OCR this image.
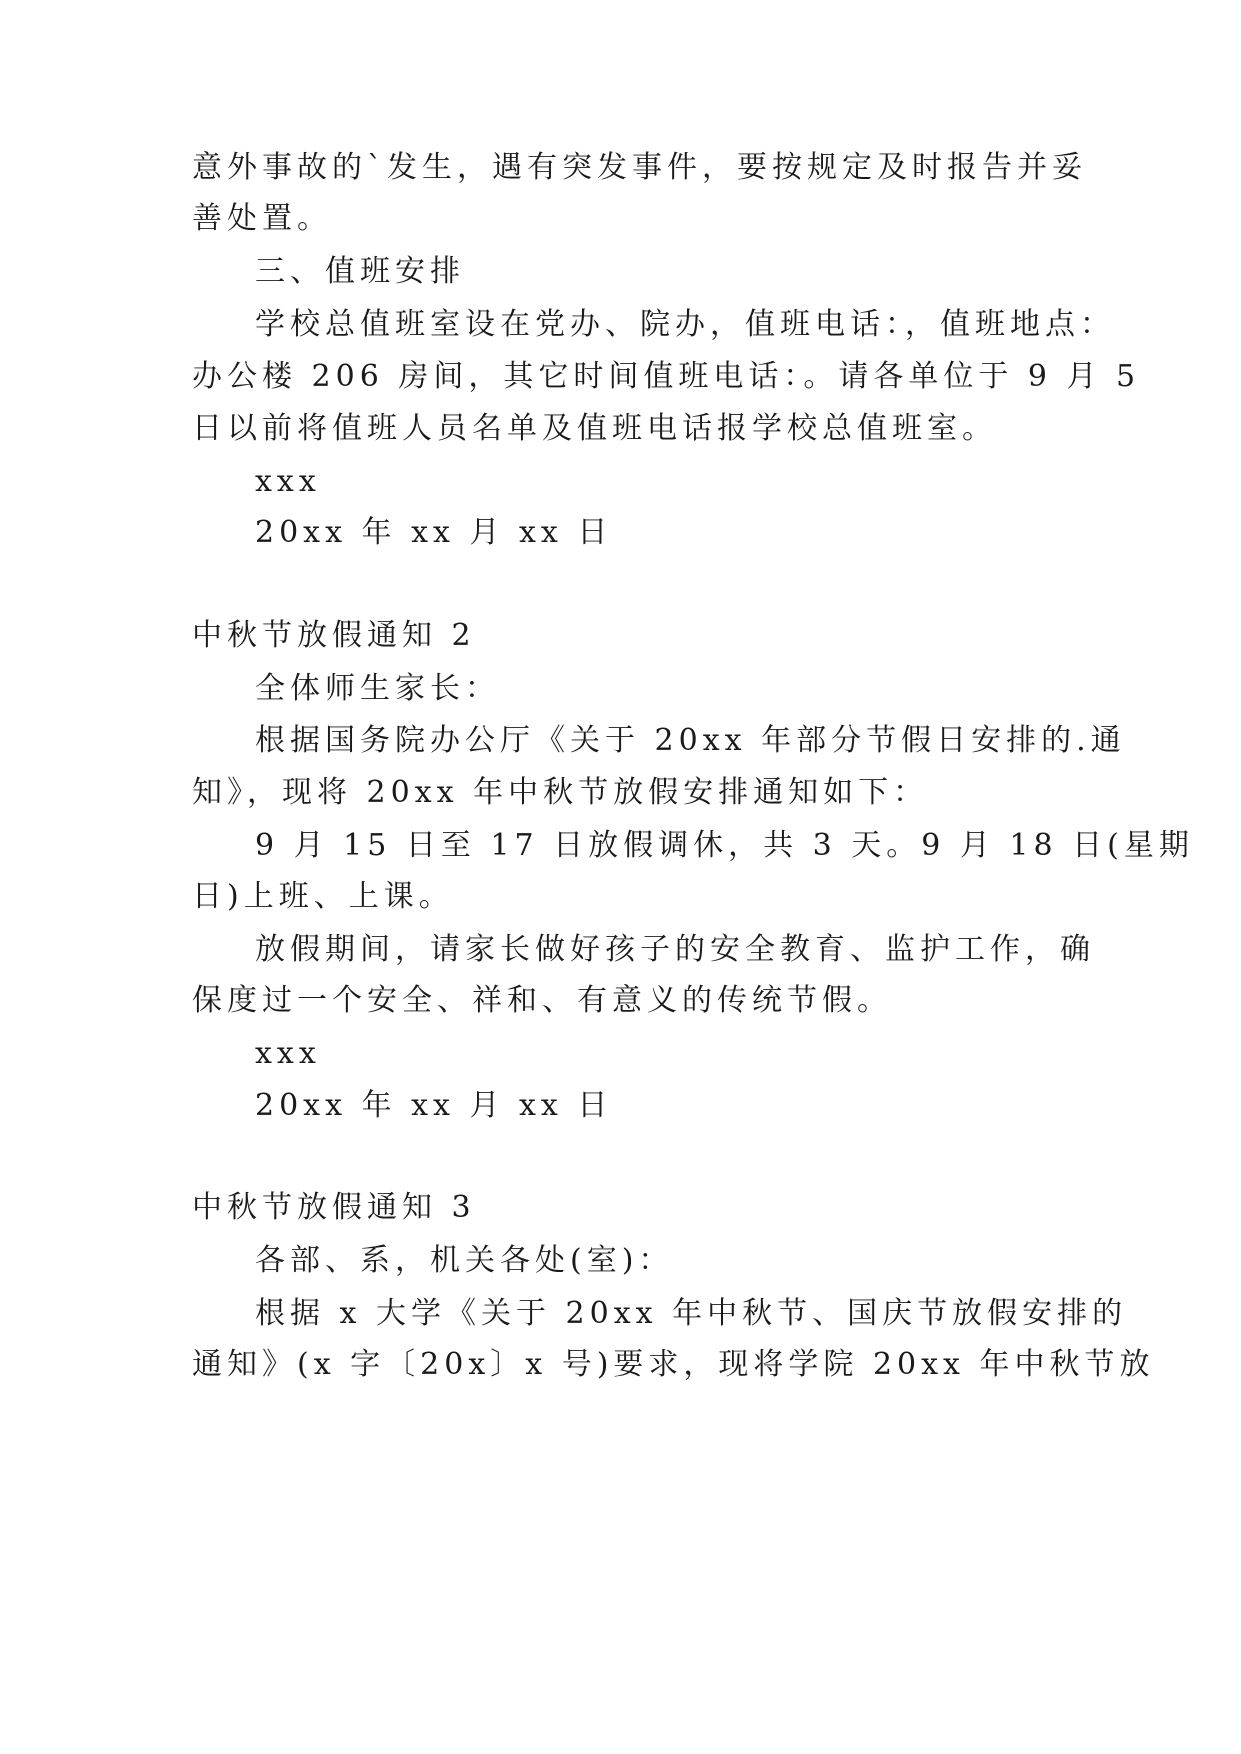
意外事故的`发生，遇有突发事件，要按规定及时报告并妥
善处置。
三、值班安排
学校总值班室设在党办、院办，值班电话：，值班地点：
办公楼 206 房间，其它时间值班电话：。请各单位于 9 月 5
日以前将值班人员名单及值班电话报学校总值班室。
xxx
20xx 年 xx 月 xx 日
中秋节放假通知 2
全体师生家长：
根据国务院办公厅《关于 20xx 年部分节假日安排的.通
知》，现将 20xx 年中秋节放假安排通知如下：
9 月 15 日至 17 日放假调休，共 3 天。9 月 18 日(星期
日)上班、上课。
放假期间，请家长做好孩子的安全教育、监护工作，确
保度过一个安全、祥和、有意义的传统节假。
xxx
20xx 年 xx 月 xx 日
中秋节放假通知 3
各部、系，机关各处(室)：
根据 x 大学《关于 20xx 年中秋节、国庆节放假安排的
通知》(x 字〔20x〕x 号)要求，现将学院 20xx 年中秋节放
